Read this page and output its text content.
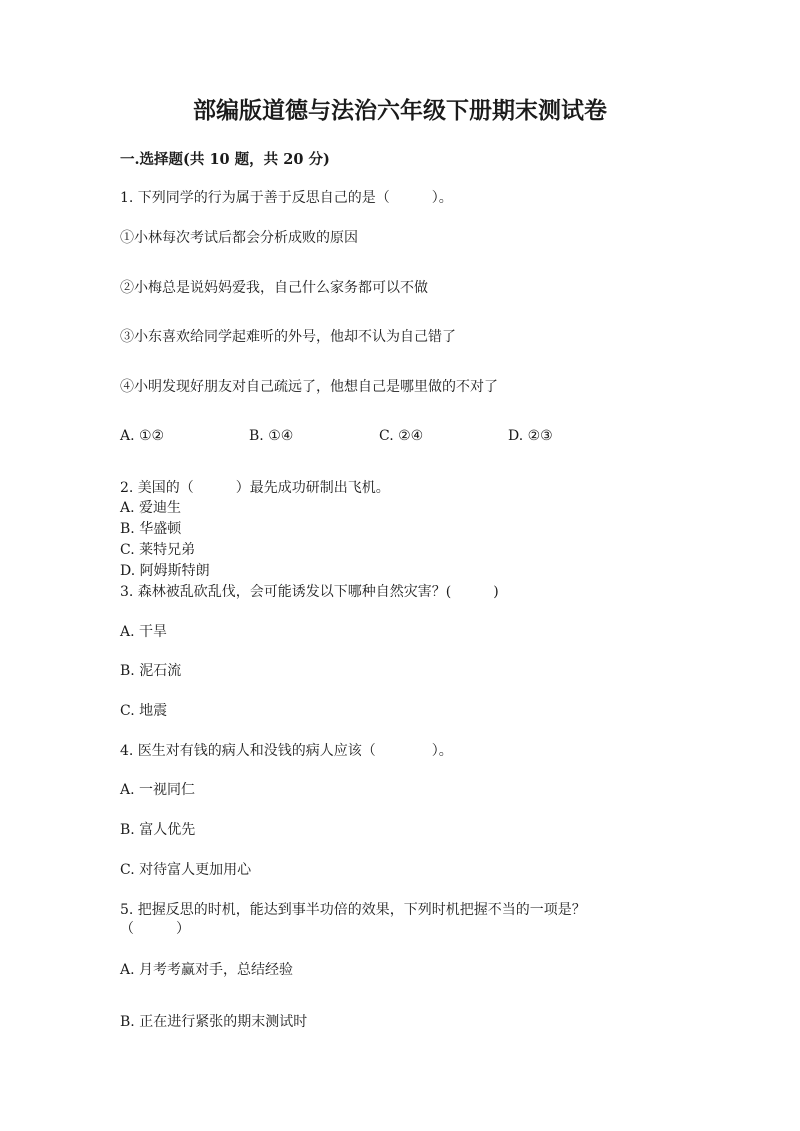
部编版道德与法治六年级下册期末测试卷
一.选择题(共 10 题，共 20 分)
1. 下列同学的行为属于善于反思自己的是（　　　）。
①小林每次考试后都会分析成败的原因
②小梅总是说妈妈爱我，自己什么家务都可以不做
③小东喜欢给同学起难听的外号，他却不认为自己错了
④小明发现好朋友对自己疏远了，他想自己是哪里做的不对了
A. ①②	B. ①④	C. ②④	D. ②③
2. 美国的（　　　）最先成功研制出飞机。
A. 爱迪生
B. 华盛顿
C. 莱特兄弟
D. 阿姆斯特朗
3. 森林被乱砍乱伐，会可能诱发以下哪种自然灾害？(　　　)
A. 干旱
B. 泥石流
C. 地震
4. 医生对有钱的病人和没钱的病人应该（　　　　）。
A. 一视同仁
B. 富人优先
C. 对待富人更加用心
5. 把握反思的时机，能达到事半功倍的效果，下列时机把握不当的一项是？
（　　　）
A. 月考考赢对手，总结经验
B. 正在进行紧张的期末测试时
